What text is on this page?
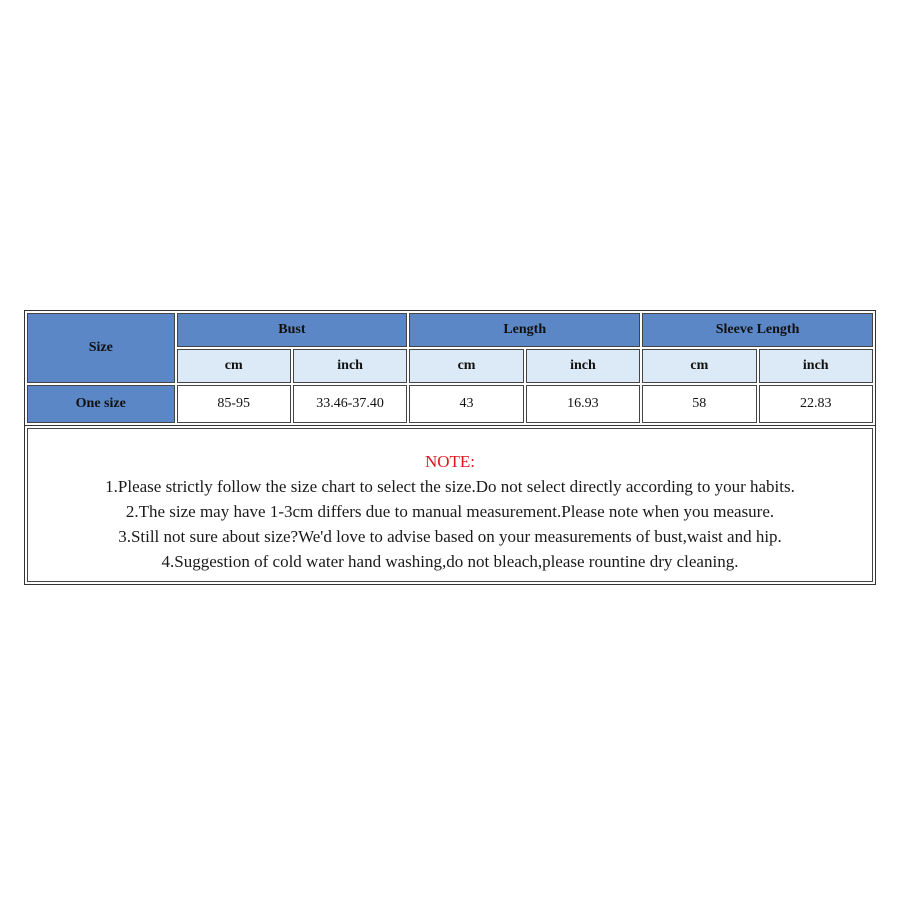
Size	Bust		Length		Sleeve Length	
	cm	inch	cm	inch	cm	inch
One size	85-95	33.46-37.40	43	16.93	58	22.83
NOTE:
1.Please strictly follow the size chart to select the size.Do not select directly according to your habits.
2.The size may have 1-3cm differs due to manual measurement.Please note when you measure.
3.Still not sure about size?We'd love to advise based on your measurements of bust,waist and hip.
4.Suggestion of cold water hand washing,do not bleach,please rountine dry cleaning.
